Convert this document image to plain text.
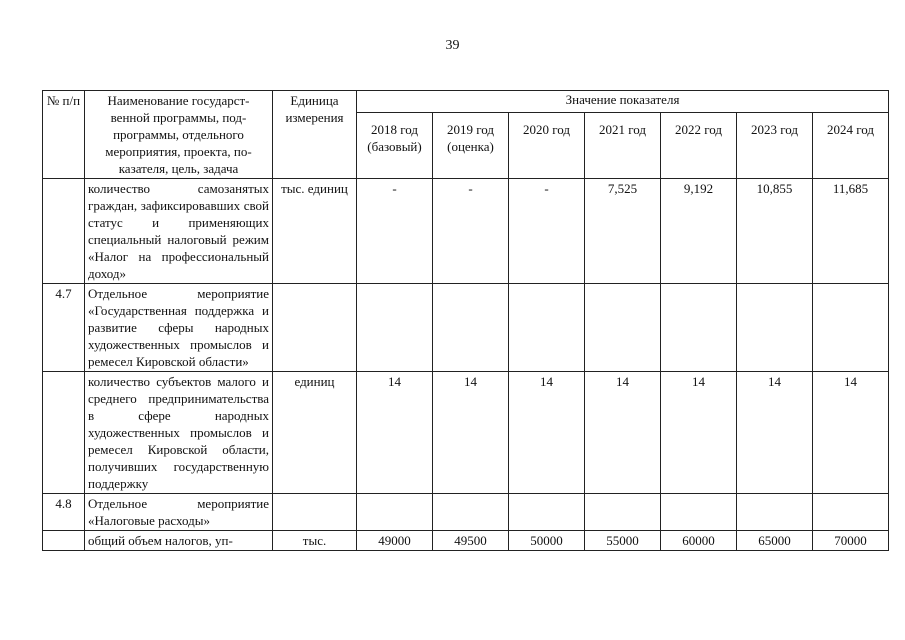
39
№ п/п	Наименование государст-венной программы, под-программы, отдельного мероприятия, проекта, по-казателя, цель, задача	Единица измерения	Значение показателя						
			2018 год (базовый)	2019 год (оценка)	2020 год	2021 год	2022 год	2023 год	2024 год
	количество самозанятых граждан, зафиксировавших свой статус и применяющих специальный налоговый режим «Налог на профессиональный доход»	тыс. единиц	-	-	-	7,525	9,192	10,855	11,685
4.7	Отдельное мероприятие «Государственная поддержка и развитие сферы народных художественных промыслов и ремесел Кировской области»								
	количество субъектов малого и среднего предпринимательства в сфере народных художественных промыслов и ремесел Кировской области, получивших государственную поддержку	единиц	14	14	14	14	14	14	14
4.8	Отдельное мероприятие «Налоговые расходы»								
	общий объем налогов, уп-	тыс.	49000	49500	50000	55000	60000	65000	70000
